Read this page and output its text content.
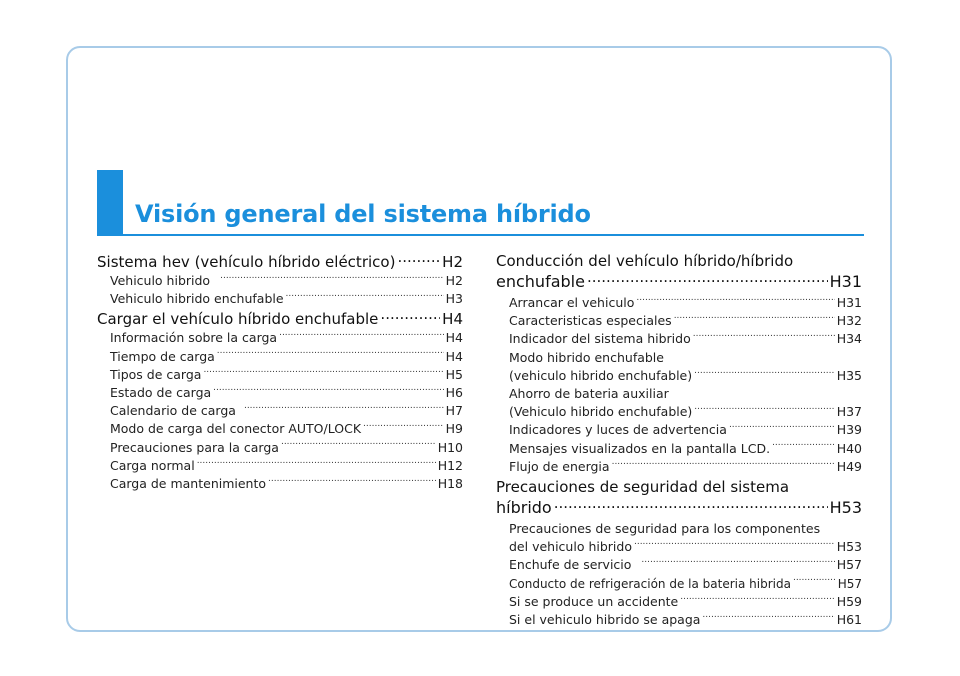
Visión general del sistema híbrido
Sistema hev (vehículo híbrido eléctrico) .....	H2
Vehiculo hibrido .....	H2
Vehiculo hibrido enchufable .....	H3
Cargar el vehículo híbrido enchufable .....	H4
Información sobre la carga .....	H4
Tiempo de carga .....	H4
Tipos de carga .....	H5
Estado de carga .....	H6
Calendario de carga .....	H7
Modo de carga del conector AUTO/LOCK .....	H9
Precauciones para la carga .....	H10
Carga normal .....	H12
Carga de mantenimiento .....	H18
Conducción del vehículo híbrido/híbrido
enchufable .....	H31
Arrancar el vehiculo .....	H31
Caracteristicas especiales .....	H32
Indicador del sistema hibrido .....	H34
Modo hibrido enchufable
(vehiculo hibrido enchufable) .....	H35
Ahorro de bateria auxiliar
(Vehiculo hibrido enchufable) .....	H37
Indicadores y luces de advertencia .....	H39
Mensajes visualizados en la pantalla LCD. .....	H40
Flujo de energia .....	H49
Precauciones de seguridad del sistema
híbrido .....	H53
Precauciones de seguridad para los componentes
del vehiculo hibrido .....	H53
Enchufe de servicio .....	H57
Conducto de refrigeración de la bateria hibrida .....	H57
Si se produce un accidente .....	H59
Si el vehiculo hibrido se apaga .....	H61
